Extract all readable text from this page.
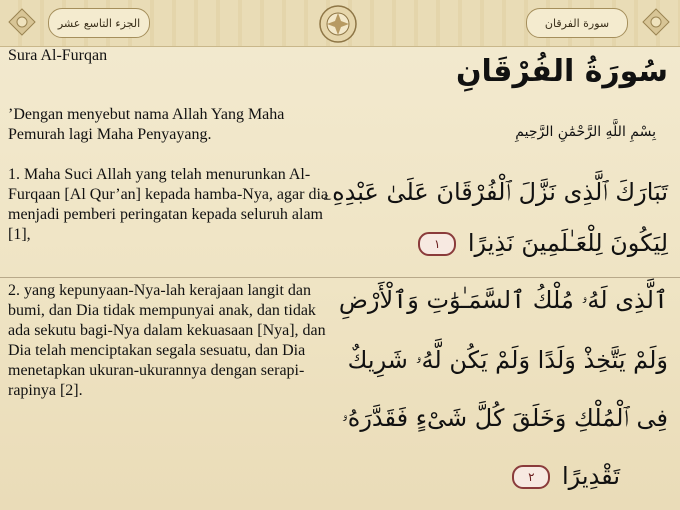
الجزء التاسع عشر	سورة الفرقان
Sura Al-Furqan
ʼDengan menyebut nama Allah Yang Maha Pemurah lagi Maha Penyayang.
1. Maha Suci Allah yang telah menurunkan Al-Furqaan [Al Qur’an] kepada hamba-Nya, agar dia menjadi pemberi peringatan kepada seluruh alam [1],
2. yang kepunyaan-Nya-lah kerajaan langit dan bumi, dan Dia tidak mempunyai anak, dan tidak ada sekutu bagi-Nya dalam kekuasaan [Nya], dan Dia telah menciptakan segala sesuatu, dan Dia menetapkan ukuran-ukurannya dengan serapi-rapinya [2].
سُورَةُ الفُرْقَانِ
بِسْمِ اللَّهِ الرَّحْمَٰنِ الرَّحِيمِ
تَبَارَكَ ٱلَّذِى نَزَّلَ ٱلْفُرْقَانَ عَلَىٰ عَبْدِهِۦ
لِيَكُونَ لِلْعَـٰلَمِينَ نَذِيرًا ١
ٱلَّذِى لَهُۥ مُلْكُ ٱلسَّمَـٰوَٰتِ وَٱلْأَرْضِ
وَلَمْ يَتَّخِذْ وَلَدًا وَلَمْ يَكُن لَّهُۥ شَرِيكٌ
فِى ٱلْمُلْكِ وَخَلَقَ كُلَّ شَىْءٍ فَقَدَّرَهُۥ
تَقْدِيرًا ٢
